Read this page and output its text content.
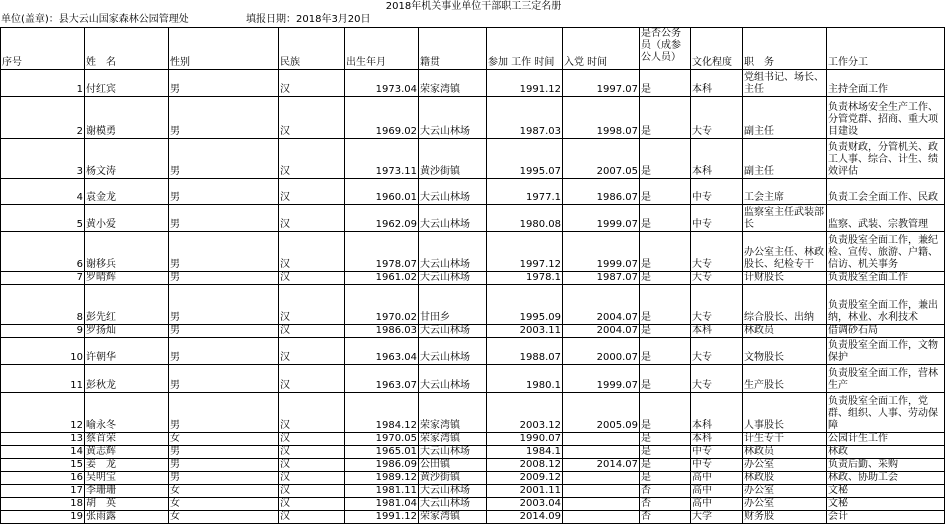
2018年机关事业单位干部职工三定名册
单位(盖章)：县大云山国家森林公园管理处	填报日期：2018年3月20日
序号	姓　名	性别	民族	出生年月	籍贯	参加 工作 时间	入党 时间	是否公务员（成参公人员）	文化程度	职　务	工作分工
1	付红宾	男	汉	1973.04	荣家湾镇	1991.12	1997.07	是	本科	党组书记、场长、主任	主持全面工作
2	谢模勇	男	汉	1969.02	大云山林场	1987.03	1998.07	是	大专	副主任	负责林场安全生产工作、分管党群、招商、重大项目建设
3	杨文涛	男	汉	1973.11	黄沙街镇	1995.07	2007.05	是	本科	副主任	负责财政，分管机关、政工人事、综合、计生、绩效评估
4	袁金龙	男	汉	1960.01	大云山林场	1977.1	1986.07	是	中专	工会主席	负责工会全面工作、民政
5	黄小爱	男	汉	1962.09	大云山林场	1980.08	1999.07	是	中专	监察室主任武装部长	监察、武装、宗教管理
6	谢移兵	男	汉	1978.07	大云山林场	1997.12	1999.07	是	大专	办公室主任、林政股长、纪检专干	负责股室全面工作，兼纪检、宣传、旅游、户籍、信访、机关事务
7	罗晴辉	男	汉	1961.02	大云山林场	1978.1	1987.07	是	大专	计财股长	负责股室全面工作
8	彭先红	男	汉	1970.02	甘田乡	1995.09	2004.07	是	大专	综合股长、出纳	负责股室全面工作，兼出纳，林业、水利技术
9	罗扬灿	男	汉	1986.03	大云山林场	2003.11	2004.07	是	本科	林政员	借调砂石局
10	许朝华	男	汉	1963.04	大云山林场	1988.07	2000.07	是	大专	文物股长	负责股室全面工作，文物保护
11	彭秋龙	男	汉	1963.07	大云山林场	1980.1	1999.07	是	大专	生产股长	负责股室全面工作，营林生产
12	喻永冬	男	汉	1984.12	荣家湾镇	2003.12	2005.09	是	本科	人事股长	负责股室全面工作，党群、组织、人事、劳动保障
13	蔡首荣	女	汉	1970.05	荣家湾镇	1990.07		是	本科	计生专干	公园计生工作
14	黄志辉	男	汉	1965.01	大云山林场	1984.1		是	中专	林政员	林政
15	姜　龙	男	汉	1986.09	公田镇	2008.12	2014.07	是	中专	办公室	负责后勤、采购
16	吴明宝	男	汉	1989.12	黄沙街镇	2009.12		是	高中	林政股	林政、协助工会
17	李珊珊	女	汉	1981.11	大云山林场	2001.11		否	高中	办公室	文秘
18	胡　英	女	汉	1981.04	大云山林场	2003.04		否	高中	办公室	文秘
19	张雨露	女	汉	1991.12	荣家湾镇	2014.09		否	大学	财务股	会计
